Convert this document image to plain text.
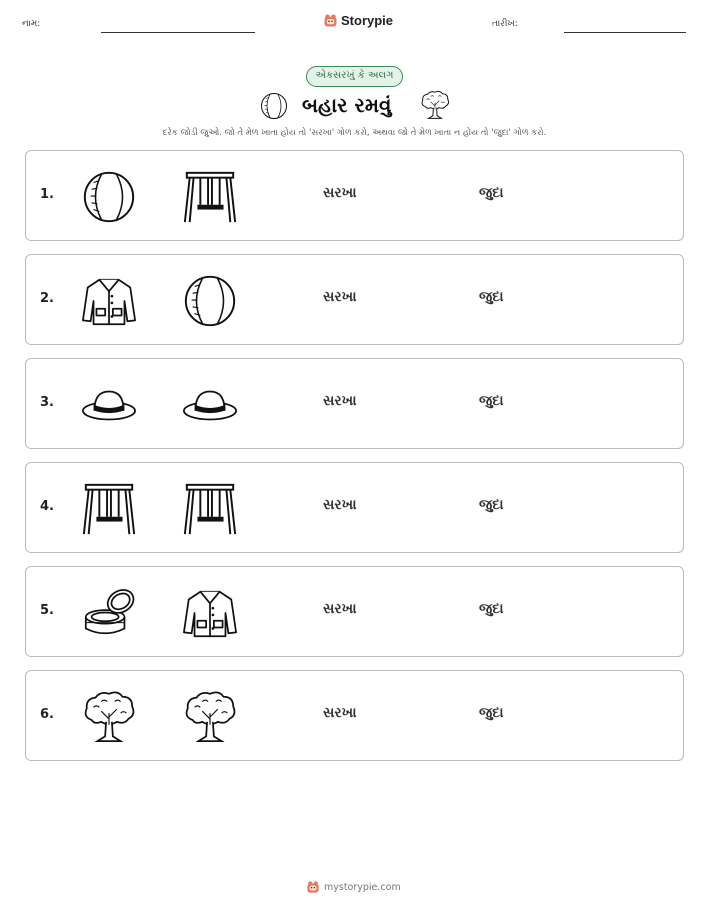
નામ:	Storypie	તારીખ:
એકસરખું કે અલગ
બહાર રમવું
દરેક જોડી જુઓ. જો તે મેળ ખાતા હોય તો 'સરખા' ગોળ કરો, અથવા જો તે મેળ ખાતા ન હોય તો 'જુદા' ગોળ કરો.
1.	સરખા	જુદા
2.	સરખા	જુદા
3.	સરખા	જુદા
4.	સરખા	જુદા
5.	સરખા	જુદા
6.	સરખા	જુદા
mystorypie.com
